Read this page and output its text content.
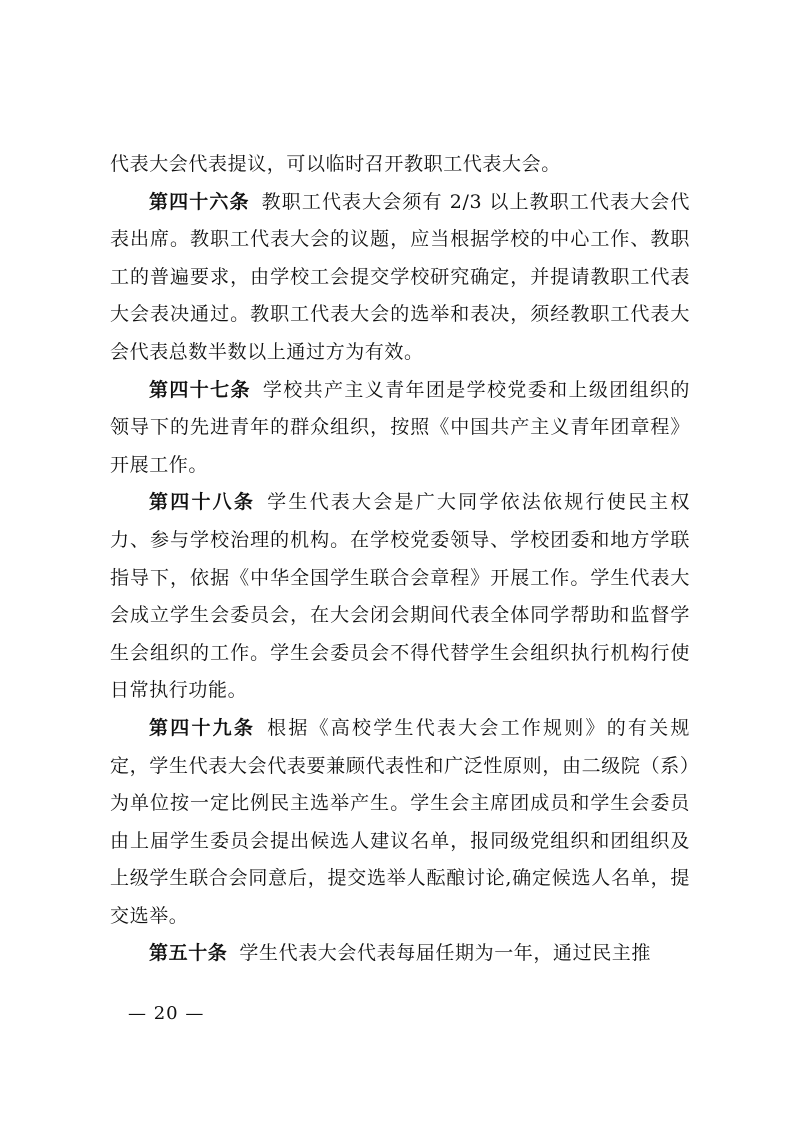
代表大会代表提议，可以临时召开教职工代表大会。

第四十六条 教职工代表大会须有 2/3 以上教职工代表大会代表出席。教职工代表大会的议题，应当根据学校的中心工作、教职工的普遍要求，由学校工会提交学校研究确定，并提请教职工代表大会表决通过。教职工代表大会的选举和表决，须经教职工代表大会代表总数半数以上通过方为有效。

第四十七条 学校共产主义青年团是学校党委和上级团组织的领导下的先进青年的群众组织，按照《中国共产主义青年团章程》开展工作。

第四十八条 学生代表大会是广大同学依法依规行使民主权力、参与学校治理的机构。在学校党委领导、学校团委和地方学联指导下，依据《中华全国学生联合会章程》开展工作。学生代表大会成立学生会委员会，在大会闭会期间代表全体同学帮助和监督学生会组织的工作。学生会委员会不得代替学生会组织执行机构行使日常执行功能。

第四十九条 根据《高校学生代表大会工作规则》的有关规定，学生代表大会代表要兼顾代表性和广泛性原则，由二级院（系）为单位按一定比例民主选举产生。学生会主席团成员和学生会委员由上届学生委员会提出候选人建议名单，报同级党组织和团组织及上级学生联合会同意后，提交选举人酝酿讨论,确定候选人名单，提交选举。

第五十条 学生代表大会代表每届任期为一年，通过民主推

— 20 —
